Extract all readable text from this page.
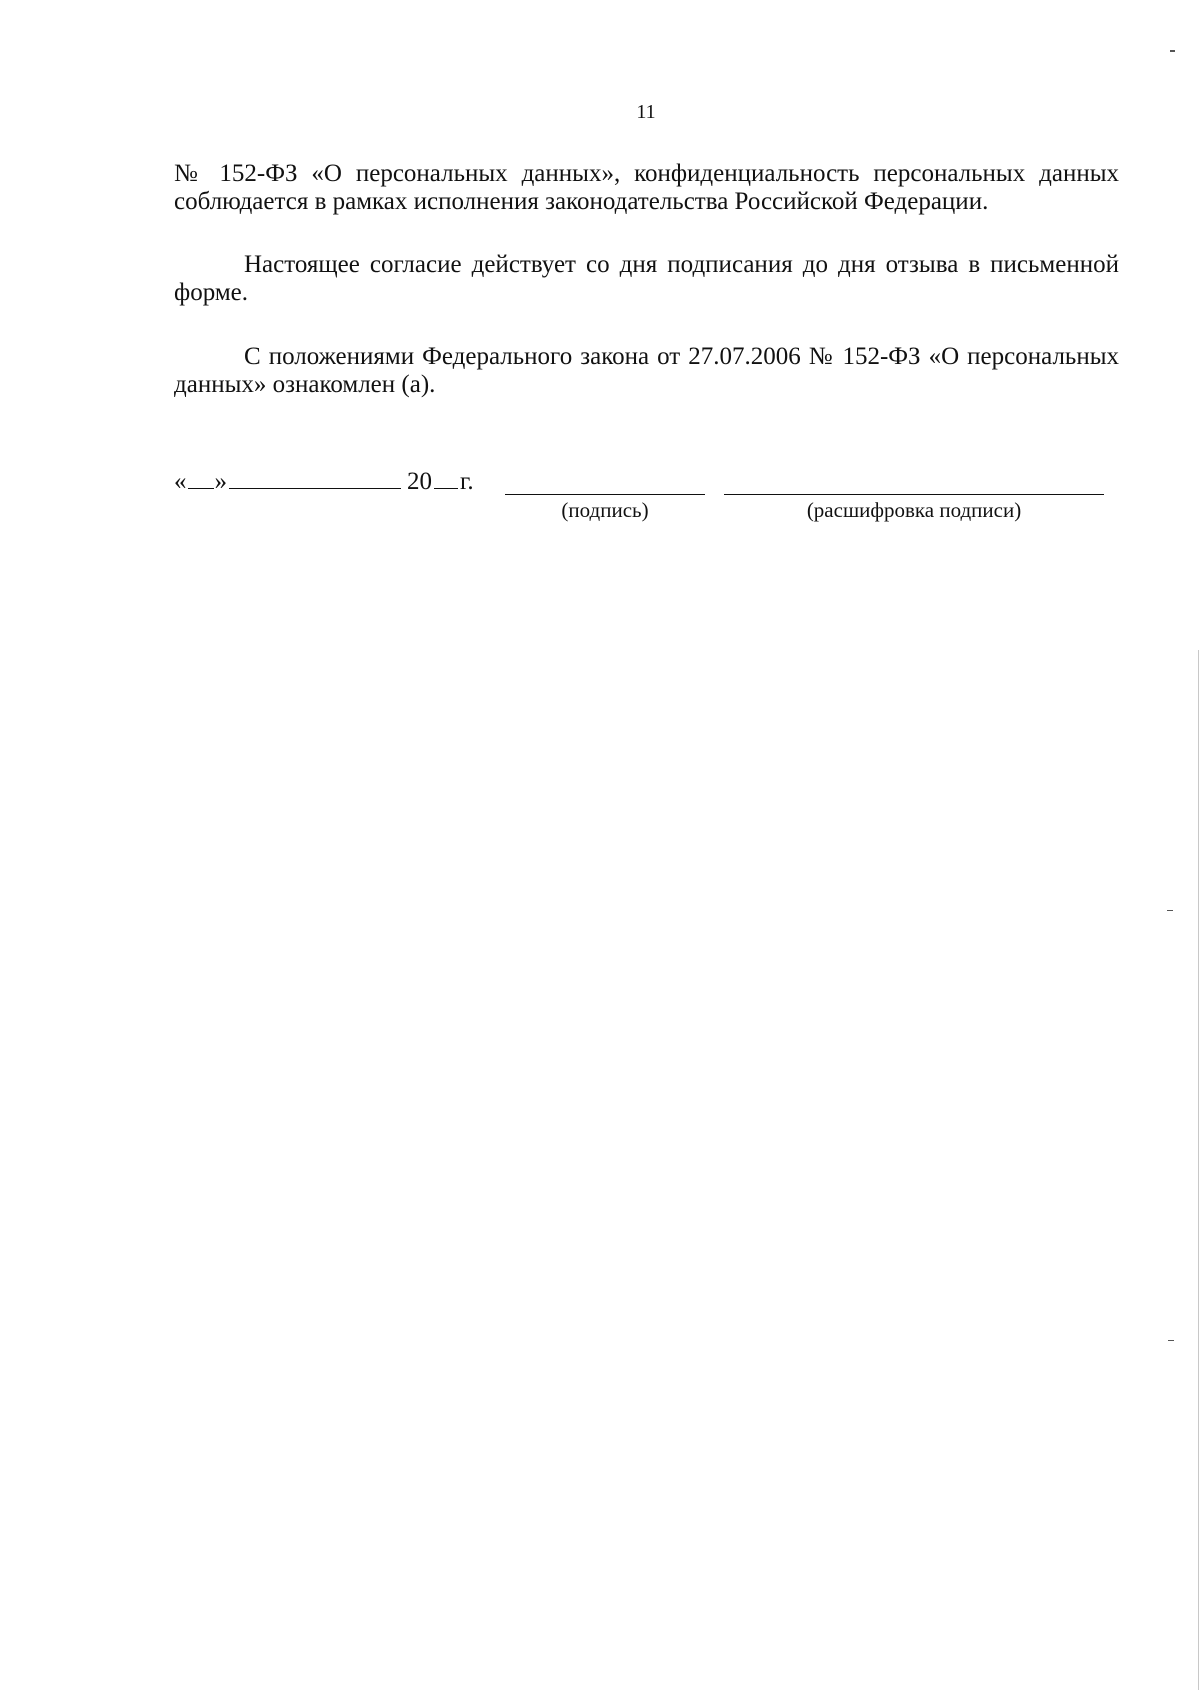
11

№ 152-ФЗ «О персональных данных», конфиденциальность персональных данных соблюдается в рамках исполнения законодательства Российской Федерации.

Настоящее согласие действует со дня подписания до дня отзыва в письменной форме.

С положениями Федерального закона от 27.07.2006 № 152-ФЗ «О персональных данных» ознакомлен (а).

« »	20 г.
(подпись)	(расшифровка подписи)
